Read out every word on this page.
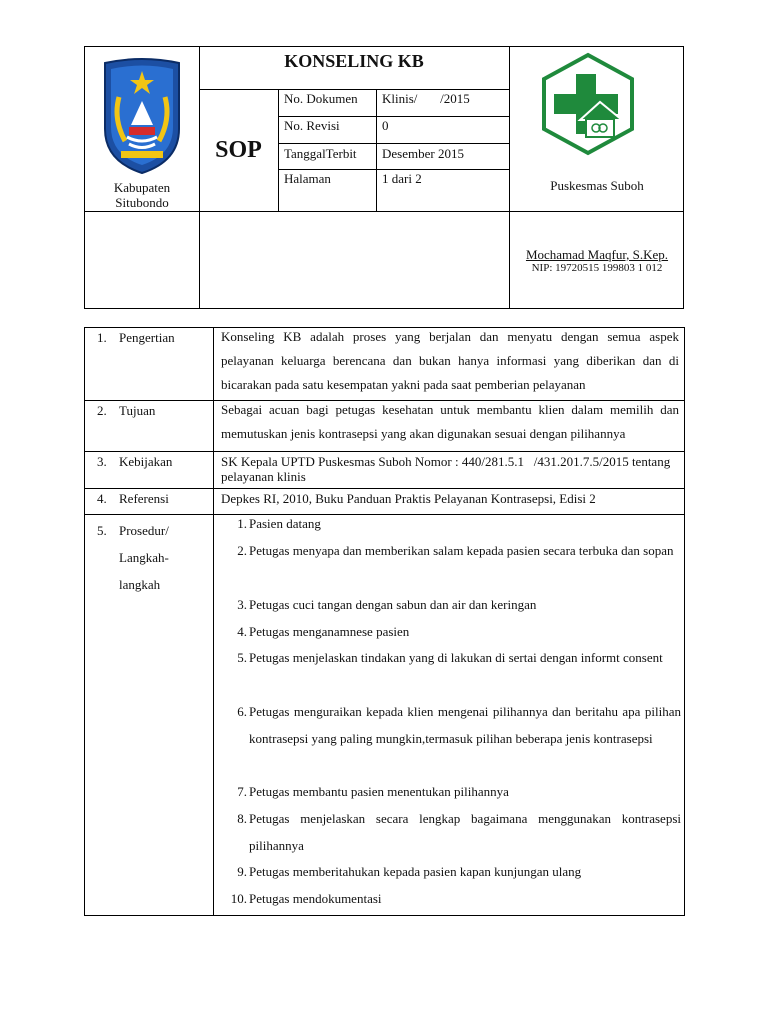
Kabupaten
Situbondo
KONSELING KB
SOP
No. Dokumen	Klinis/       /2015
No. Revisi	0
TanggalTerbit	Desember 2015
Halaman	1 dari 2	Puskesmas Suboh
Mochamad Maqfur, S.Kep.
NIP: 19720515 199803 1 012
1. Pengertian	Konseling KB adalah proses yang berjalan dan menyatu dengan semua aspek pelayanan keluarga berencana dan bukan hanya informasi yang diberikan dan di bicarakan pada satu kesempatan yakni pada saat pemberian pelayanan
2. Tujuan	Sebagai acuan bagi petugas kesehatan untuk membantu klien dalam memilih dan memutuskan jenis kontrasepsi yang akan digunakan sesuai dengan pilihannya
3. Kebijakan	SK Kepala UPTD Puskesmas Suboh Nomor : 440/281.5.1   /431.201.7.5/2015 tentang pelayanan klinis
4. Referensi	Depkes RI, 2010, Buku Panduan Praktis Pelayanan Kontrasepsi, Edisi 2
5. Prosedur/
Langkah-
langkah
1. Pasien datang
2. Petugas menyapa dan memberikan salam kepada pasien secara terbuka dan sopan
3. Petugas cuci tangan dengan sabun dan air dan keringan
4. Petugas menganamnese pasien
5. Petugas menjelaskan tindakan yang di lakukan di sertai dengan informt consent
6. Petugas menguraikan kepada klien mengenai pilihannya dan beritahu apa pilihan kontrasepsi yang paling mungkin,termasuk pilihan beberapa jenis kontrasepsi
7. Petugas membantu pasien menentukan pilihannya
8. Petugas menjelaskan secara lengkap bagaimana menggunakan kontrasepsi pilihannya
9. Petugas memberitahukan kepada pasien kapan kunjungan ulang
10. Petugas mendokumentasi
